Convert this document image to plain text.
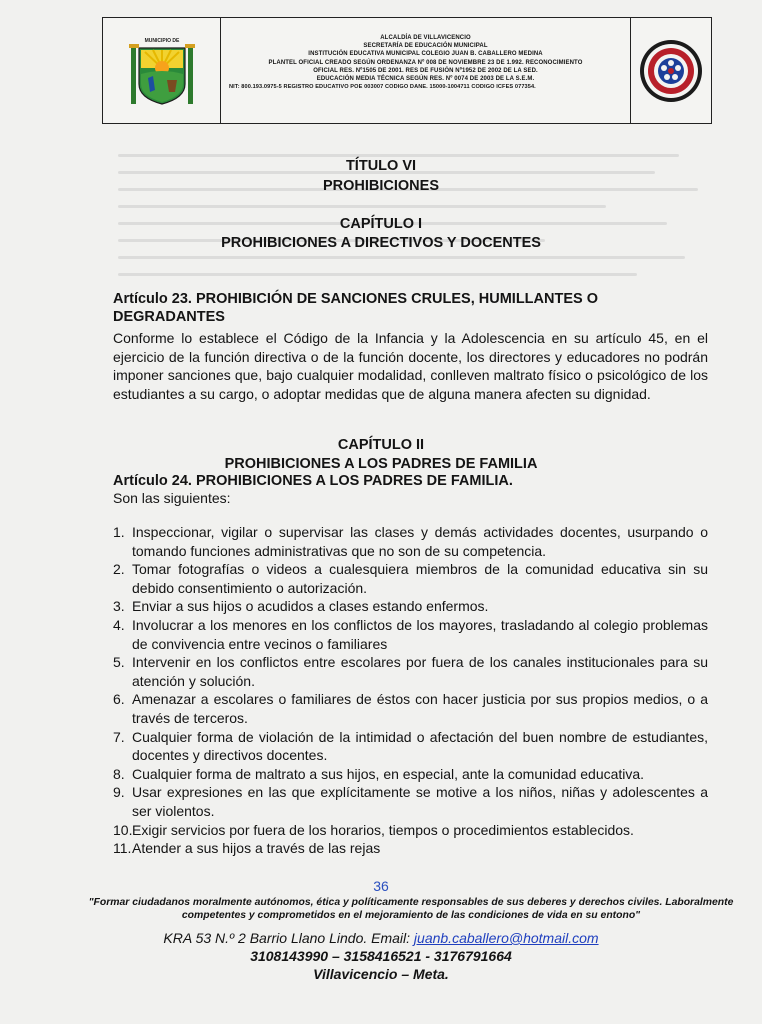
MUNICIPIO DE	ALCALDÍA DE VILLAVICENCIO
SECRETARÍA DE EDUCACIÓN MUNICIPAL
INSTITUCIÓN EDUCATIVA MUNICIPAL COLEGIO JUAN B. CABALLERO MEDINA
PLANTEL OFICIAL CREADO SEGÚN ORDENANZA Nº 008 DE NOVIEMBRE 23 DE 1.992. RECONOCIMIENTO
OFICIAL RES. Nº1505 DE 2001. RES DE FUSIÓN Nº1952 DE 2002 DE LA SED.
EDUCACIÓN MEDIA TÉCNICA SEGÚN RES. Nº 0074 DE 2003 DE LA S.E.M.
NIT: 800.193.0975-5 REGISTRO EDUCATIVO POE 003007 CODIGO DANE. 15000-1004711 CODIGO ICFES 077354.
TÍTULO VI
PROHIBICIONES
CAPÍTULO I
PROHIBICIONES A DIRECTIVOS Y DOCENTES
Artículo 23. PROHIBICIÓN DE SANCIONES CRULES, HUMILLANTES O DEGRADANTES
Conforme lo establece el Código de la Infancia y la Adolescencia en su artículo 45, en el ejercicio de la función directiva o de la función docente, los directores y educadores no podrán imponer sanciones que, bajo cualquier modalidad, conlleven maltrato físico o psicológico de los estudiantes a su cargo, o adoptar medidas que de alguna manera afecten su dignidad.
CAPÍTULO II
PROHIBICIONES A LOS PADRES DE FAMILIA
Artículo 24. PROHIBICIONES A LOS PADRES DE FAMILIA.
Son las siguientes:
1. Inspeccionar, vigilar o supervisar las clases y demás actividades docentes, usurpando o tomando funciones administrativas que no son de su competencia.
2. Tomar fotografías o videos a cualesquiera miembros de la comunidad educativa sin su debido consentimiento o autorización.
3. Enviar a sus hijos o acudidos a clases estando enfermos.
4. Involucrar a los menores en los conflictos de los mayores, trasladando al colegio problemas de convivencia entre vecinos o familiares
5. Intervenir en los conflictos entre escolares por fuera de los canales institucionales para su atención y solución.
6. Amenazar a escolares o familiares de éstos con hacer justicia por sus propios medios, o a través de terceros.
7. Cualquier forma de violación de la intimidad o afectación del buen nombre de estudiantes, docentes y directivos docentes.
8. Cualquier forma de maltrato a sus hijos, en especial, ante la comunidad educativa.
9. Usar expresiones en las que explícitamente se motive a los niños, niñas y adolescentes a ser violentos.
10. Exigir servicios por fuera de los horarios, tiempos o procedimientos establecidos.
11. Atender a sus hijos a través de las rejas
36
"Formar ciudadanos moralmente autónomos, ética y políticamente responsables de sus deberes y derechos civiles. Laboralmente competentes y comprometidos en el mejoramiento de las condiciones de vida en su entono"
KRA 53 N.º 2 Barrio Llano Lindo. Email: juanb.caballero@hotmail.com
3108143990 – 3158416521 - 3176791664
Villavicencio – Meta.
